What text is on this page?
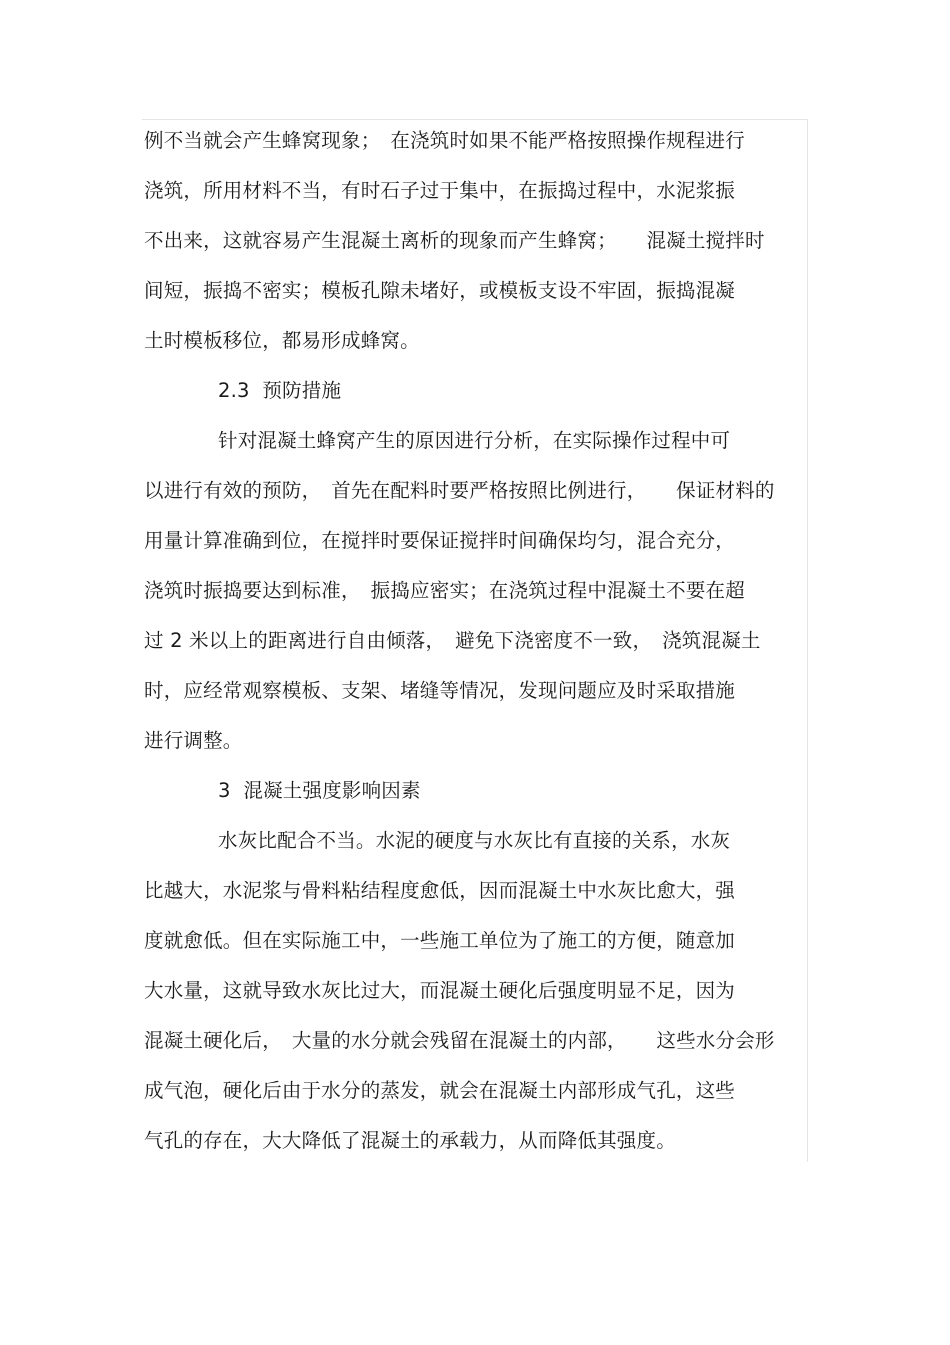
例不当就会产生蜂窝现象；　在浇筑时如果不能严格按照操作规程进行
浇筑，所用材料不当，有时石子过于集中，在振捣过程中，水泥浆振
不出来，这就容易产生混凝土离析的现象而产生蜂窝；　　混凝土搅拌时
间短，振捣不密实；模板孔隙未堵好，或模板支设不牢固，振捣混凝
土时模板移位，都易形成蜂窝。
2.3  预防措施
针对混凝土蜂窝产生的原因进行分析，在实际操作过程中可
以进行有效的预防，　首先在配料时要严格按照比例进行，　　保证材料的
用量计算准确到位，在搅拌时要保证搅拌时间确保均匀，混合充分，
浇筑时振捣要达到标准，　振捣应密实；在浇筑过程中混凝土不要在超
过 2 米以上的距离进行自由倾落，　避免下浇密度不一致，　浇筑混凝土
时，应经常观察模板、支架、堵缝等情况，发现问题应及时采取措施
进行调整。
3  混凝土强度影响因素
水灰比配合不当。水泥的硬度与水灰比有直接的关系，水灰
比越大，水泥浆与骨料粘结程度愈低，因而混凝土中水灰比愈大，强
度就愈低。但在实际施工中，一些施工单位为了施工的方便，随意加
大水量，这就导致水灰比过大，而混凝土硬化后强度明显不足，因为
混凝土硬化后，　大量的水分就会残留在混凝土的内部，　　这些水分会形
成气泡，硬化后由于水分的蒸发，就会在混凝土内部形成气孔，这些
气孔的存在，大大降低了混凝土的承载力，从而降低其强度。
